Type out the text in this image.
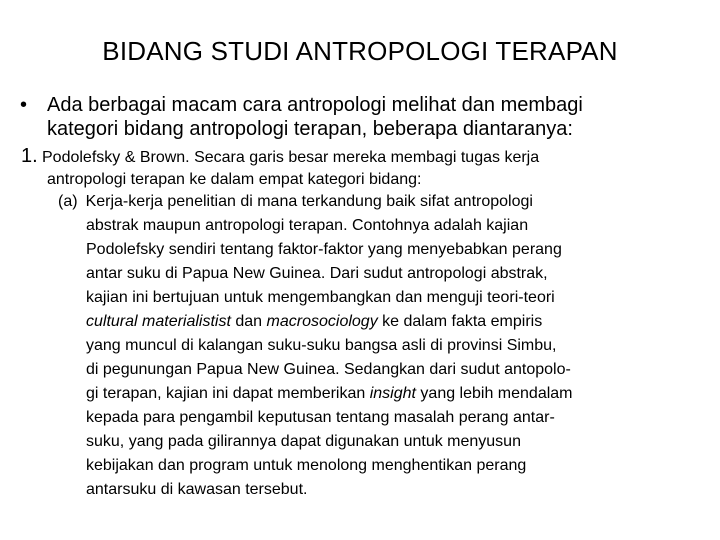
BIDANG STUDI ANTROPOLOGI TERAPAN
• Ada berbagai macam cara antropologi melihat dan membagi
kategori bidang antropologi terapan, beberapa diantaranya:
1. Podolefsky & Brown. Secara garis besar mereka membagi tugas kerja
antropologi terapan ke dalam empat kategori bidang:
(a) Kerja-kerja penelitian di mana terkandung baik sifat antropologi
abstrak maupun antropologi terapan. Contohnya adalah kajian
Podolefsky sendiri tentang faktor-faktor yang menyebabkan perang
antar suku di Papua New Guinea. Dari sudut antropologi abstrak,
kajian ini bertujuan untuk mengembangkan dan menguji teori-teori
cultural materialistist dan macrosociology ke dalam fakta empiris
yang muncul di kalangan suku-suku bangsa asli di provinsi Simbu,
di pegunungan Papua New Guinea. Sedangkan dari sudut antopolo-
gi terapan, kajian ini dapat memberikan insight yang lebih mendalam
kepada para pengambil keputusan tentang masalah perang antar-
suku, yang pada gilirannya dapat digunakan untuk menyusun
kebijakan dan program untuk menolong menghentikan perang
antarsuku di kawasan tersebut.
